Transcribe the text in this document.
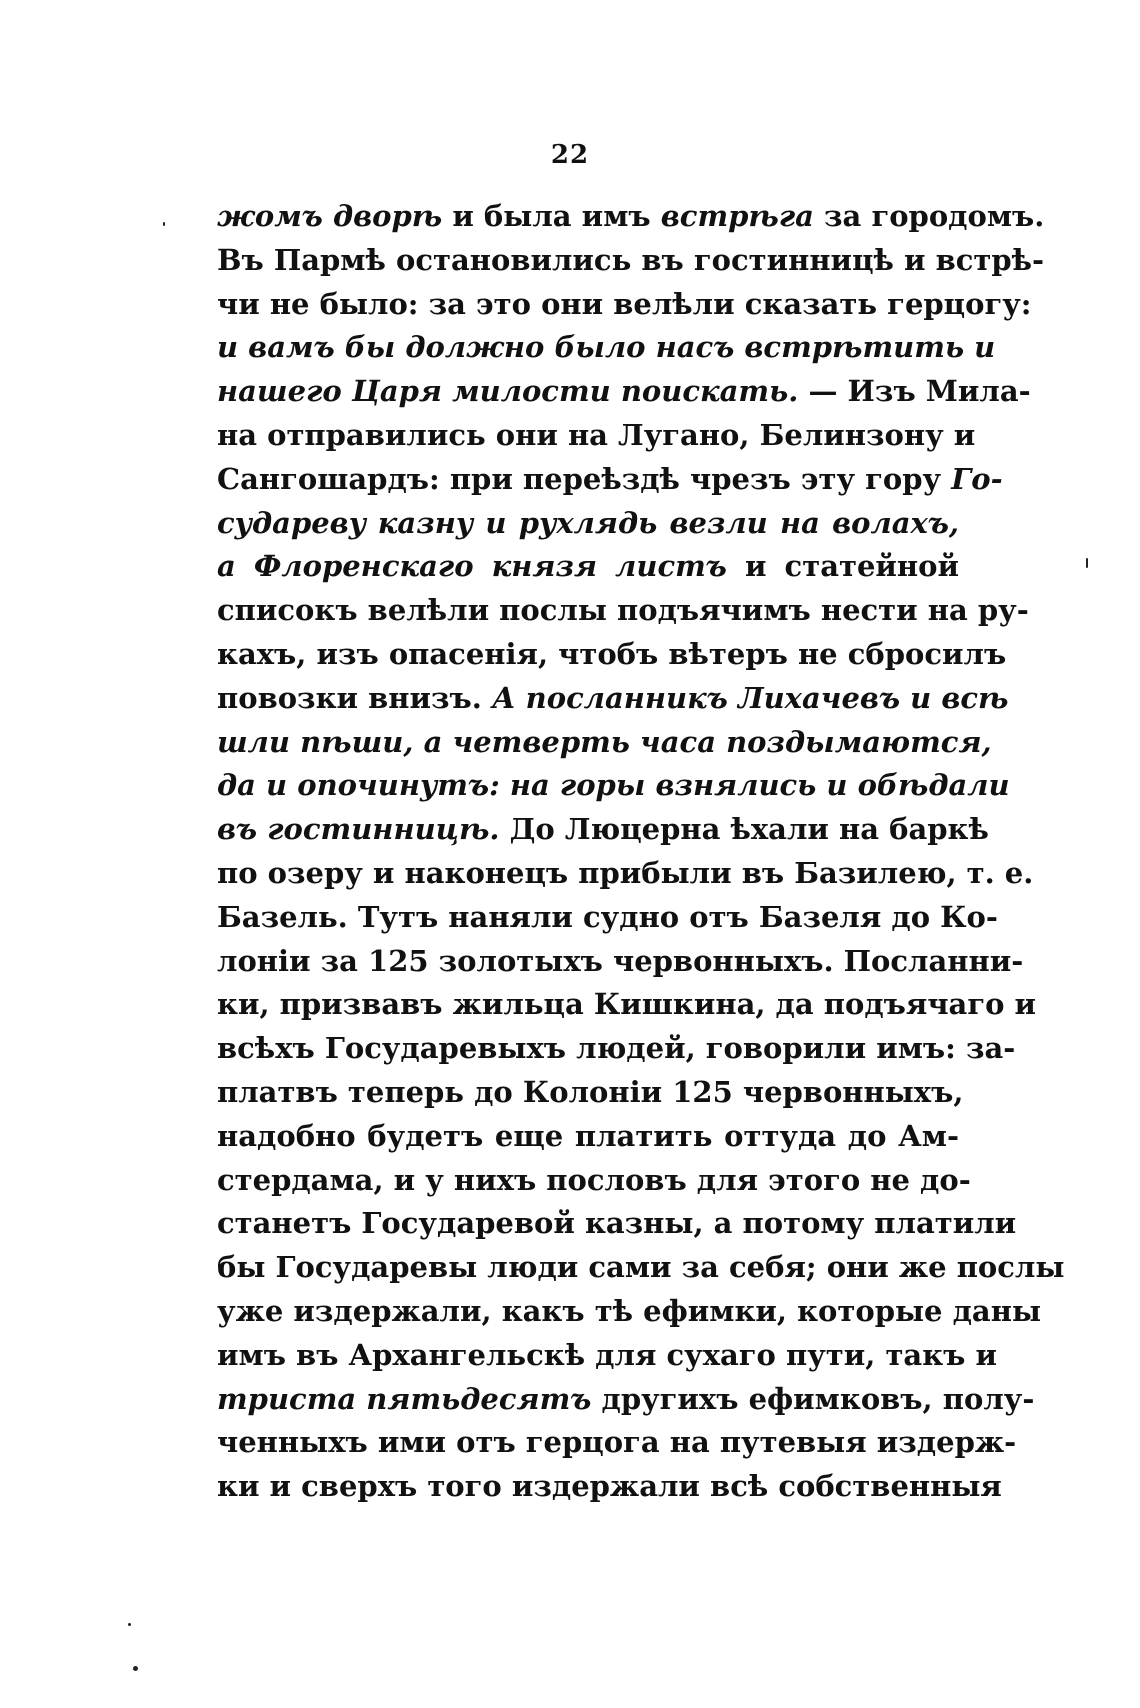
22
жомъ дворѣ и была имъ встрѣга за городомъ.
Въ Пармѣ остановились въ гостинницѣ и встрѣ-
чи не было: за это они велѣли сказать герцогу:
и вамъ бы должно было насъ встрѣтить и
нашего Царя милости поискать. — Изъ Мила-
на отправились они на Лугано, Белинзону и
Сангошардъ: при переѣздѣ чрезъ эту гору Го-
сударевy казну и рухлядь везли на волахъ,
а Флоренскаго князя листъ и статейной
списокъ велѣли послы подъячимъ нести на ру-
кахъ, изъ опасенія, чтобъ вѣтеръ не сбросилъ
повозки внизъ. А посланникъ Лихачевъ и всѣ
шли пѣши, а четверть часа поздымаются,
да и опочинутъ: на горы взнялись и обѣдали
въ гостинницѣ. До Люцерна ѣхали на баркѣ
по озеру и наконецъ прибыли въ Базилею, т. е.
Базель. Тутъ наняли судно отъ Базеля до Ко-
лоніи за 125 золотыхъ червонныхъ. Посланни-
ки, призвавъ жильца Кишкина, да подъячаго и
всѣхъ Государевыхъ людей, говорили имъ: за-
платвъ теперь до Колоніи 125 червонныхъ,
надобно будетъ еще платить оттуда до Ам-
стердама, и у нихъ пословъ для этого не до-
станетъ Государевой казны, а потому платили
бы Государевы люди сами за себя; они же послы
уже издержали, какъ тѣ ефимки, которые даны
имъ въ Архангельскѣ для сухаго пути, такъ и
триста пятьдесятъ другихъ ефимковъ, полу-
ченныхъ ими отъ герцога на путевыя издерж-
ки и сверхъ того издержали всѣ собственныя
